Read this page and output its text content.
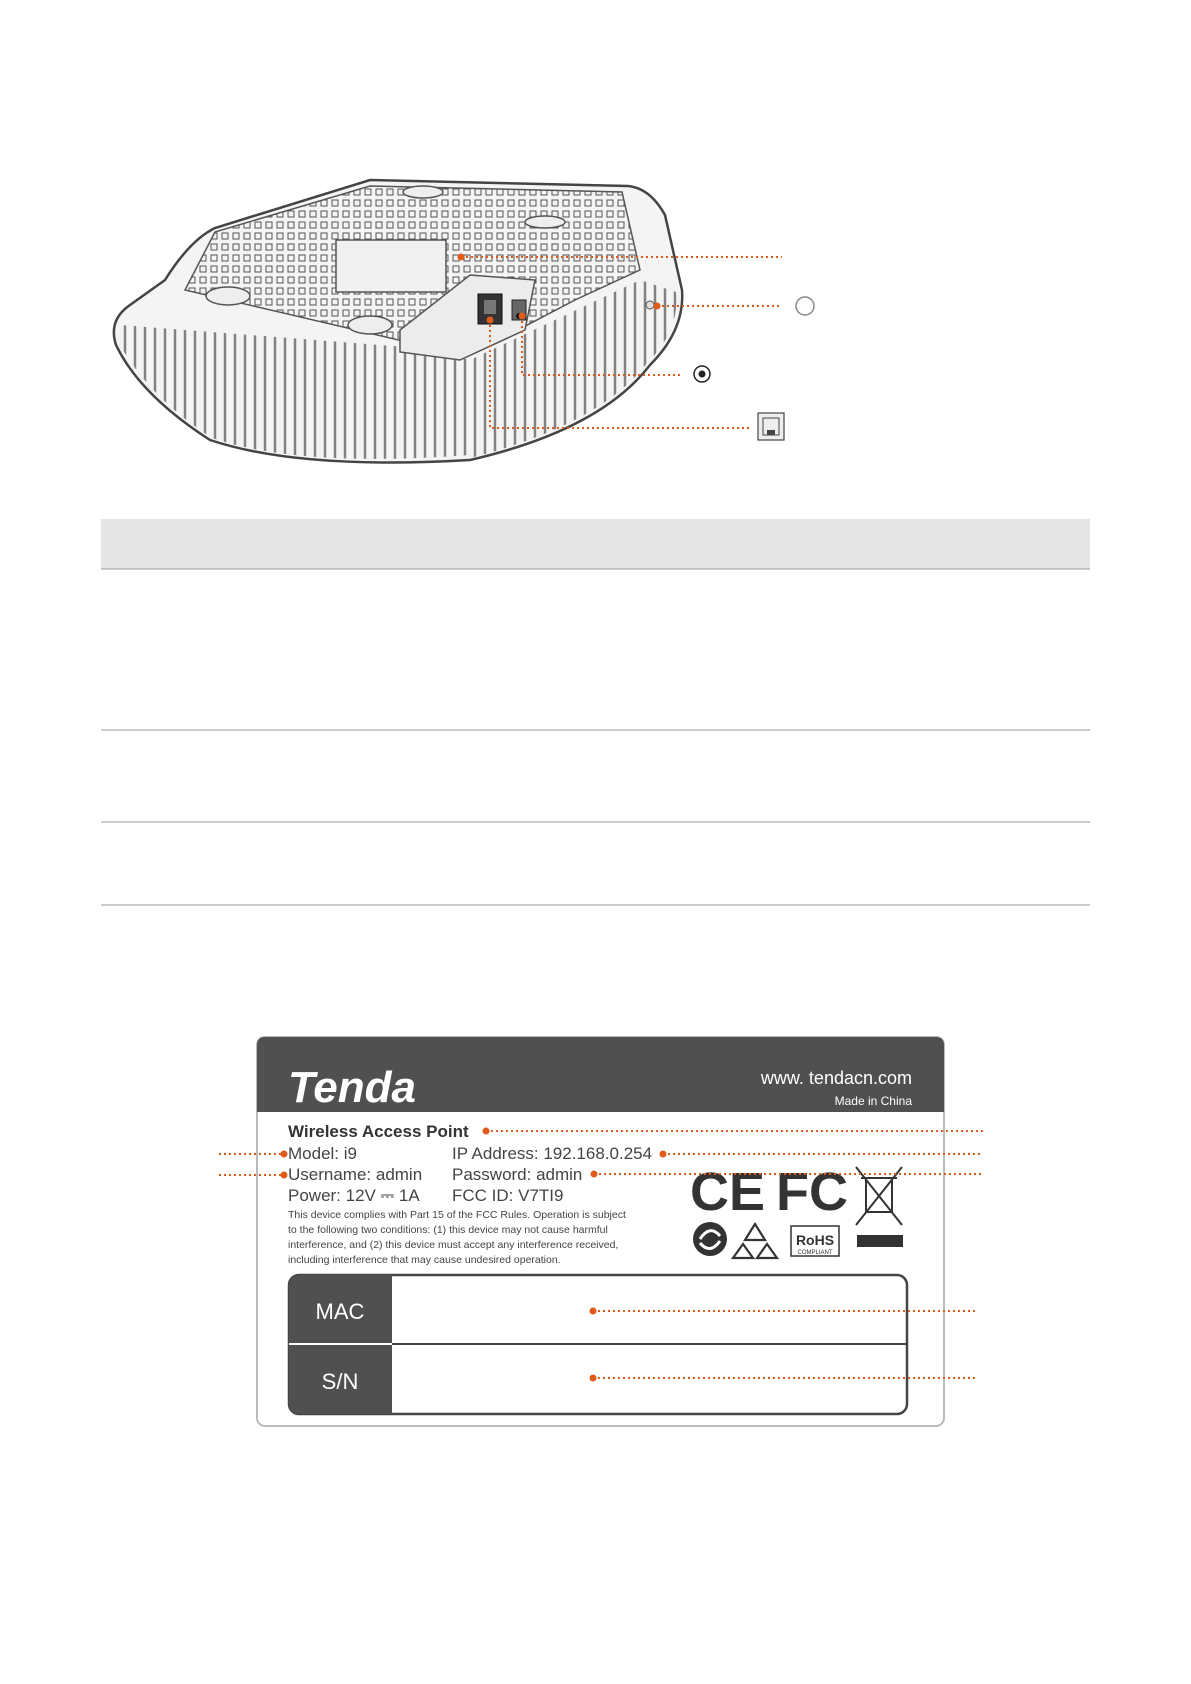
Tenda	www. tendacn.com
Made in China
Wireless Access Point
Model: i9	IP Address: 192.168.0.254
Username: admin Password: admin
Power: 12V ⎓ 1A FCC ID: V7TI9
This device complies with Part 15 of the FCC Rules. Operation is subject
to the following two conditions: (1) this device may not cause harmful
interference, and (2) this device must accept any interference received,
including interference that may cause undesired operation.
CE FC
RoHS
COMPLIANT
MAC
S/N
